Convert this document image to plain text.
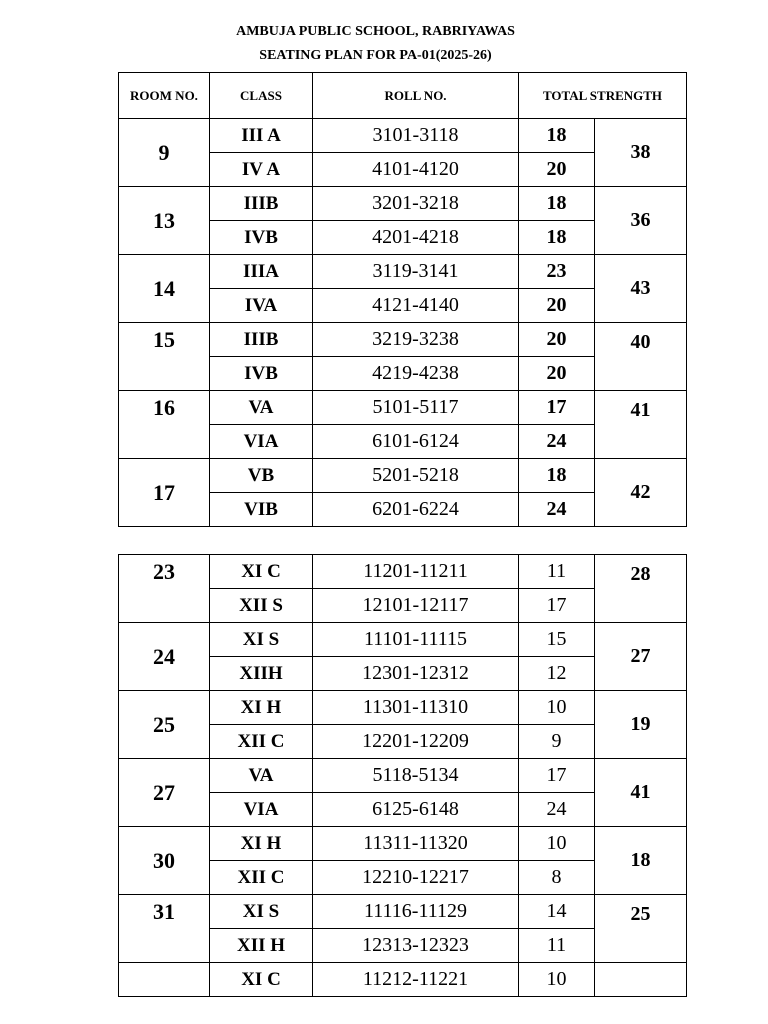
AMBUJA PUBLIC SCHOOL, RABRIYAWAS
SEATING PLAN FOR PA-01(2025-26)
ROOM NO.	CLASS	ROLL NO.	TOTAL STRENGTH	
9	III A	3101-3118	18	38
	IV A	4101-4120	20	
13	IIIB	3201-3218	18	36
	IVB	4201-4218	18	
14	IIIA	3119-3141	23	43
	IVA	4121-4140	20	
15	IIIB	3219-3238	20	40
	IVB	4219-4238	20	
16	VA	5101-5117	17	41
	VIA	6101-6124	24	
17	VB	5201-5218	18	42
	VIB	6201-6224	24	
23	XI C	11201-11211	11	28
	XII S	12101-12117	17	
24	XI S	11101-11115	15	27
	XIIH	12301-12312	12	
25	XI H	11301-11310	10	19
	XII C	12201-12209	9	
27	VA	5118-5134	17	41
	VIA	6125-6148	24	
30	XI H	11311-11320	10	18
	XII C	12210-12217	8	
31	XI S	11116-11129	14	25
	XII H	12313-12323	11	
	XI C	11212-11221	10	
